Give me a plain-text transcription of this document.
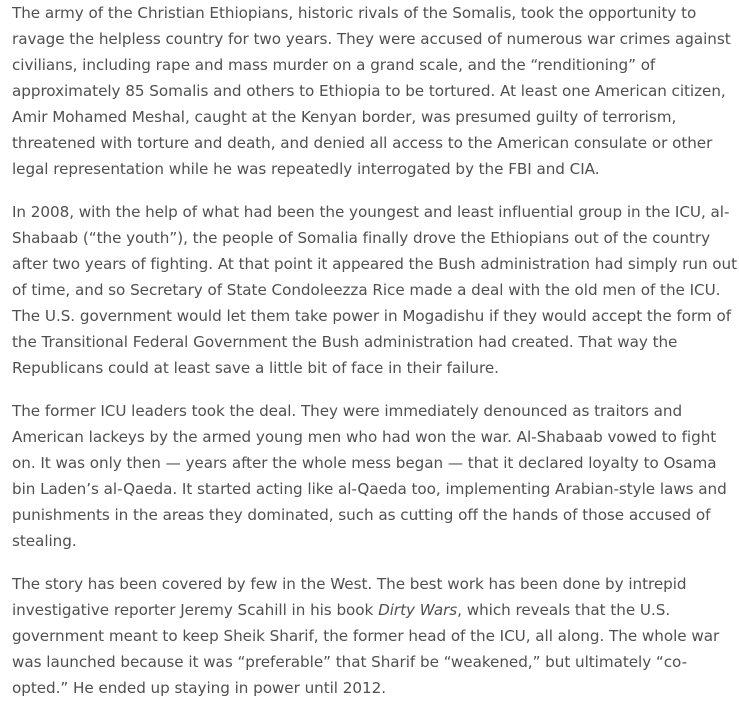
The army of the Christian Ethiopians, historic rivals of the Somalis, took the opportunity to ravage the helpless country for two years. They were accused of numerous war crimes against civilians, including rape and mass murder on a grand scale, and the “renditioning” of approximately 85 Somalis and others to Ethiopia to be tortured. At least one American citizen, Amir Mohamed Meshal, caught at the Kenyan border, was presumed guilty of terrorism, threatened with torture and death, and denied all access to the American consulate or other legal representation while he was repeatedly interrogated by the FBI and CIA.

In 2008, with the help of what had been the youngest and least influential group in the ICU, al-Shabaab (“the youth”), the people of Somalia finally drove the Ethiopians out of the country after two years of fighting. At that point it appeared the Bush administration had simply run out of time, and so Secretary of State Condoleezza Rice made a deal with the old men of the ICU. The U.S. government would let them take power in Mogadishu if they would accept the form of the Transitional Federal Government the Bush administration had created. That way the Republicans could at least save a little bit of face in their failure.

The former ICU leaders took the deal. They were immediately denounced as traitors and American lackeys by the armed young men who had won the war. Al-Shabaab vowed to fight on. It was only then — years after the whole mess began — that it declared loyalty to Osama bin Laden’s al-Qaeda. It started acting like al-Qaeda too, implementing Arabian-style laws and punishments in the areas they dominated, such as cutting off the hands of those accused of stealing.

The story has been covered by few in the West. The best work has been done by intrepid investigative reporter Jeremy Scahill in his book Dirty Wars, which reveals that the U.S. government meant to keep Sheik Sharif, the former head of the ICU, all along. The whole war was launched because it was “preferable” that Sharif be “weakened,” but ultimately “co-opted.” He ended up staying in power until 2012.
